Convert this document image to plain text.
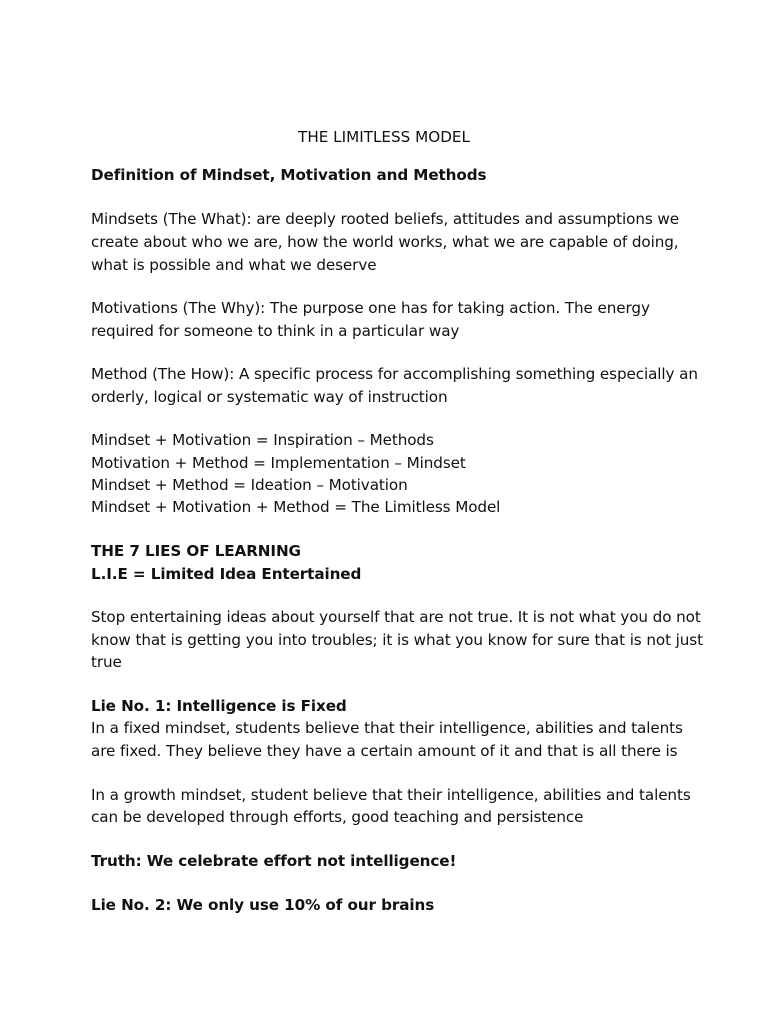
THE LIMITLESS MODEL
Definition of Mindset, Motivation and Methods
Mindsets (The What): are deeply rooted beliefs, attitudes and assumptions we
create about who we are, how the world works, what we are capable of doing,
what is possible and what we deserve
Motivations (The Why): The purpose one has for taking action. The energy
required for someone to think in a particular way
Method (The How): A specific process for accomplishing something especially an
orderly, logical or systematic way of instruction
Mindset + Motivation = Inspiration – Methods
Motivation + Method = Implementation – Mindset
Mindset + Method = Ideation – Motivation
Mindset + Motivation + Method = The Limitless Model
THE 7 LIES OF LEARNING
L.I.E = Limited Idea Entertained
Stop entertaining ideas about yourself that are not true. It is not what you do not
know that is getting you into troubles; it is what you know for sure that is not just
true
Lie No. 1: Intelligence is Fixed
In a fixed mindset, students believe that their intelligence, abilities and talents
are fixed. They believe they have a certain amount of it and that is all there is
In a growth mindset, student believe that their intelligence, abilities and talents
can be developed through efforts, good teaching and persistence
Truth: We celebrate effort not intelligence!
Lie No. 2: We only use 10% of our brains
